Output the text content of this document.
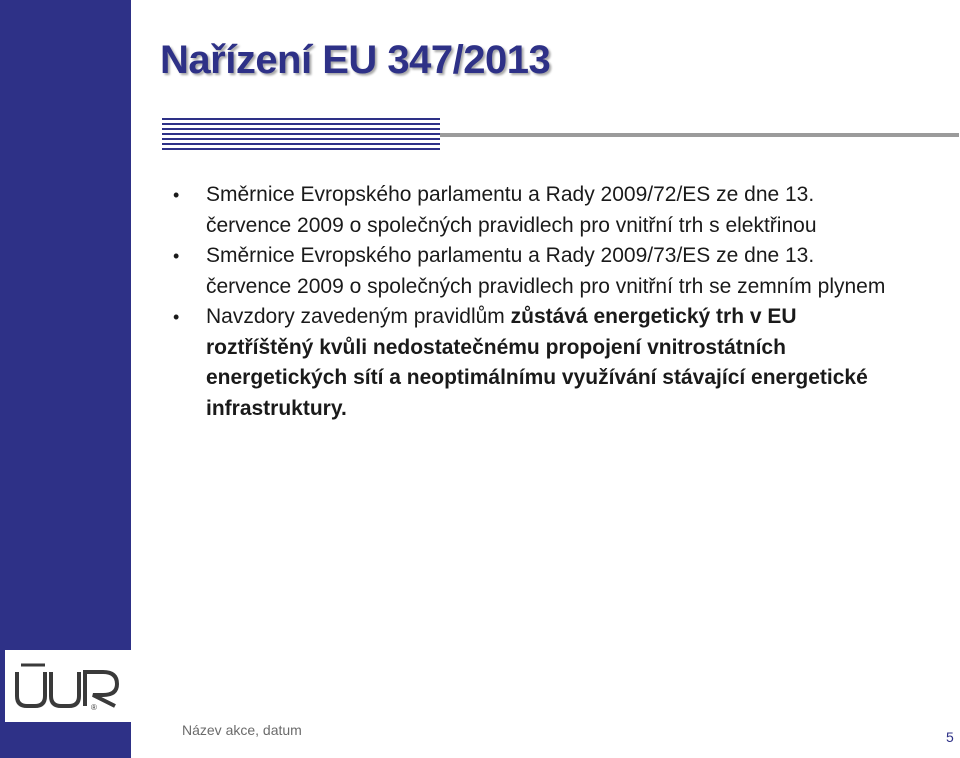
®
Nařízení EU 347/2013
• Směrnice Evropského parlamentu a Rady 2009/72/ES ze dne 13. července 2009 o společných pravidlech pro vnitřní trh s elektřinou
• Směrnice Evropského parlamentu a Rady 2009/73/ES ze dne 13. července 2009 o společných pravidlech pro vnitřní trh se zemním plynem
• Navzdory zavedeným pravidlům zůstává energetický trh v EU roztříštěný kvůli nedostatečnému propojení vnitrostátních energetických sítí a neoptimálnímu využívání stávající energetické infrastruktury.
Název akce, datum	5
